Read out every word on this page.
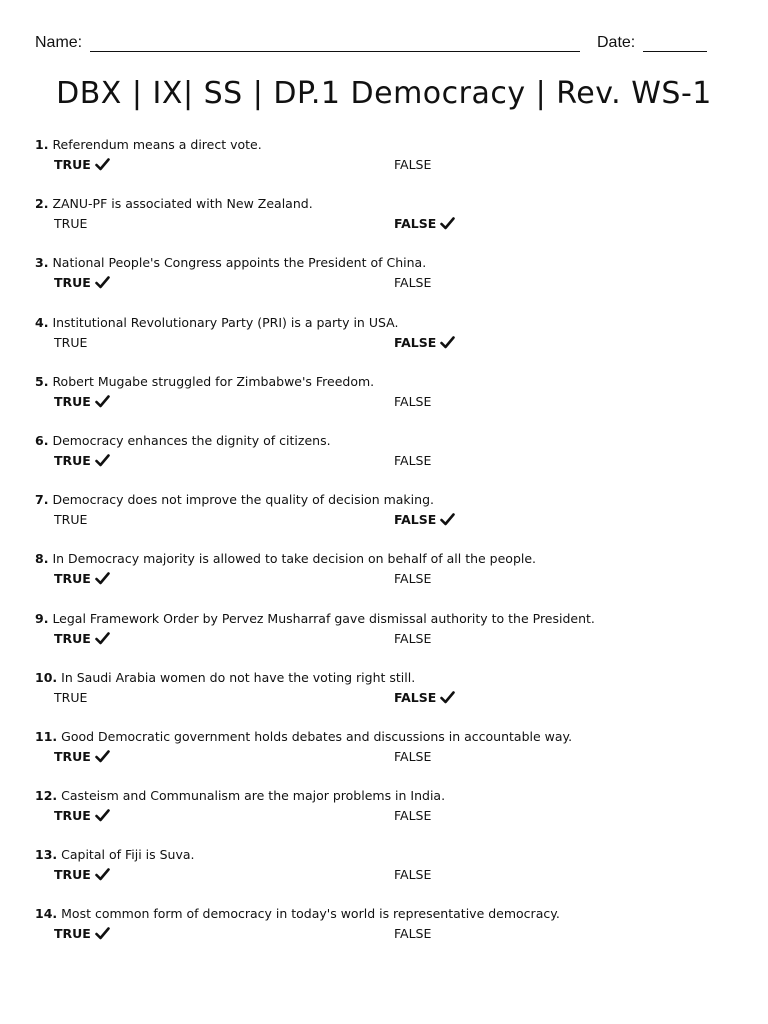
Name:	Date:
DBX | IX| SS | DP.1 Democracy | Rev. WS-1
1. Referendum means a direct vote.
TRUE	FALSE
2. ZANU-PF is associated with New Zealand.
TRUE	FALSE
3. National People's Congress appoints the President of China.
TRUE	FALSE
4. Institutional Revolutionary Party (PRI) is a party in USA.
TRUE	FALSE
5. Robert Mugabe struggled for Zimbabwe's Freedom.
TRUE	FALSE
6. Democracy enhances the dignity of citizens.
TRUE	FALSE
7. Democracy does not improve the quality of decision making.
TRUE	FALSE
8. In Democracy majority is allowed to take decision on behalf of all the people.
TRUE	FALSE
9. Legal Framework Order by Pervez Musharraf gave dismissal authority to the President.
TRUE	FALSE
10. In Saudi Arabia women do not have the voting right still.
TRUE	FALSE
11. Good Democratic government holds debates and discussions in accountable way.
TRUE	FALSE
12. Casteism and Communalism are the major problems in India.
TRUE	FALSE
13. Capital of Fiji is Suva.
TRUE	FALSE
14. Most common form of democracy in today's world is representative democracy.
TRUE	FALSE
